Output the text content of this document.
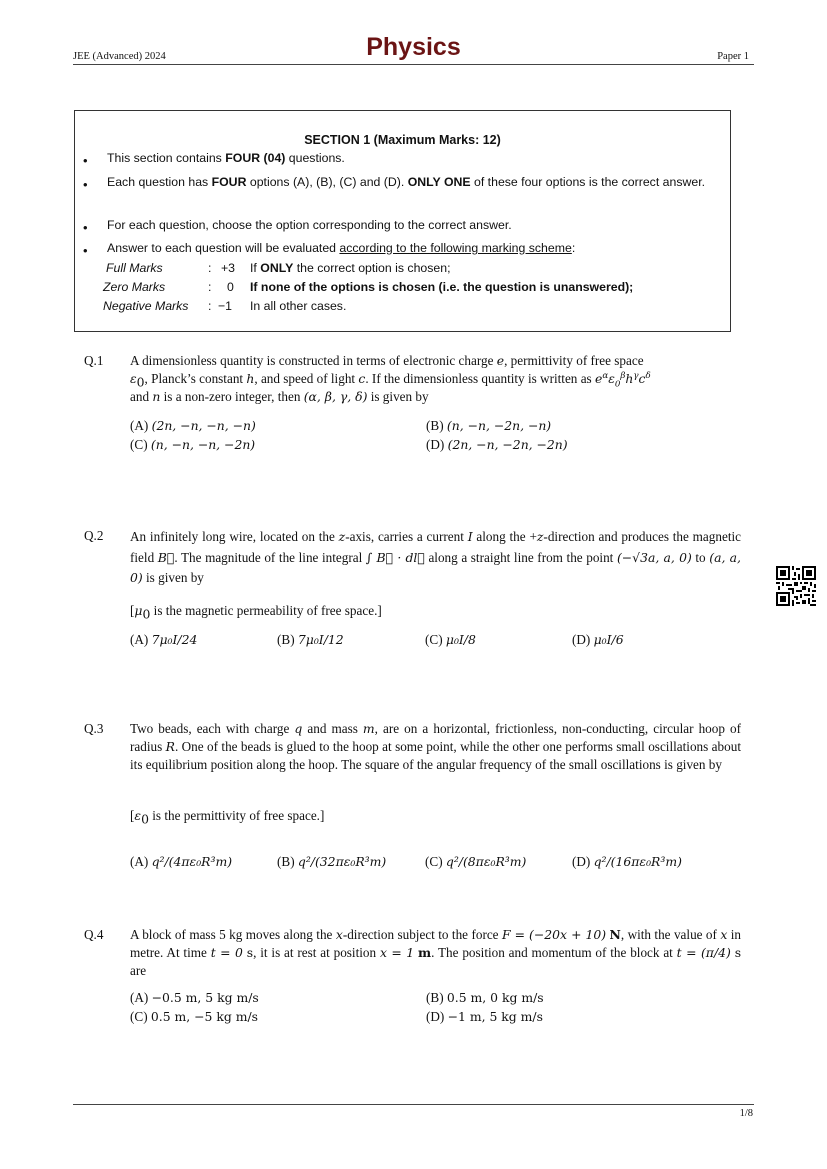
JEE (Advanced) 2024	Physics	Paper 1
SECTION 1 (Maximum Marks: 12)
• This section contains FOUR (04) questions.
• Each question has FOUR options (A), (B), (C) and (D). ONLY ONE of these four options is the correct answer.
• For each question, choose the option corresponding to the correct answer.
• Answer to each question will be evaluated according to the following marking scheme:
Full Marks	: +3 If ONLY the correct option is chosen;
Zero Marks	: 0 If none of the options is chosen (i.e. the question is unanswered);
Negative Marks : −1 In all other cases.
Q.1 A dimensionless quantity is constructed in terms of electronic charge e, permittivity of free space
$\varepsilon_0$, Planck’s constant h, and speed of light c. If the dimensionless quantity is written as $e^\alpha\varepsilon_0^\beta h^\gamma c^\delta$
and n is a non-zero integer, then (α, β, γ, δ) is given by
(A) (2n, −n, −n, −n)	(B) (n, −n, −2n, −n)
(C) (n, −n, −n, −2n)	(D) (2n, −n, −2n, −2n)
Q.2 An infinitely long wire, located on the z-axis, carries a current I along the +z-direction and produces the magnetic field B⃗. The magnitude of the line integral ∫ B⃗ · dl⃗ along a straight line from the point (−√3a, a, 0) to (a, a, 0) is given by
[$\mu_0$ is the magnetic permeability of free space.]
(A) 7μ₀I/24	(B) 7μ₀I/12	(C) μ₀I/8	(D) μ₀I/6
Q.3 Two beads, each with charge q and mass m, are on a horizontal, frictionless, non-conducting, circular hoop of radius R. One of the beads is glued to the hoop at some point, while the other one performs small oscillations about its equilibrium position along the hoop. The square of the angular frequency of the small oscillations is given by
[$\varepsilon_0$ is the permittivity of free space.]
(A) q²/(4πε₀R³m)	(B) q²/(32πε₀R³m)	(C) q²/(8πε₀R³m)	(D) q²/(16πε₀R³m)
Q.4 A block of mass 5 kg moves along the x-direction subject to the force F = (−20x + 10) N, with the value of x in metre. At time t = 0 s, it is at rest at position x = 1 m. The position and momentum of the block at t = (π/4) s are
(A) −0.5 m, 5 kg m/s	(B) 0.5 m, 0 kg m/s
(C) 0.5 m, −5 kg m/s	(D) −1 m, 5 kg m/s
1/8
